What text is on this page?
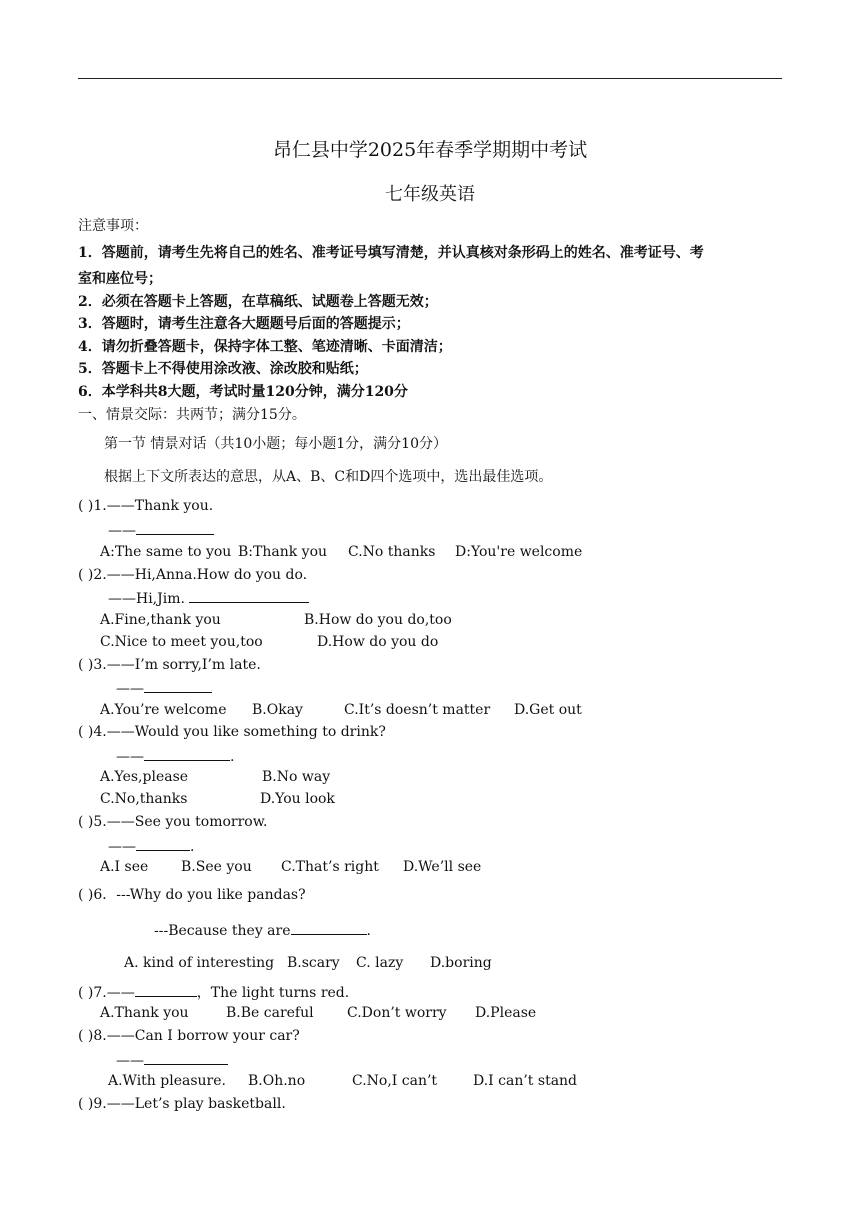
昂仁县中学2025年春季学期期中考试
七年级英语
注意事项：
1．答题前，请考生先将自己的姓名、准考证号填写清楚，并认真核对条形码上的姓名、准考证号、考
室和座位号；
2．必须在答题卡上答题，在草稿纸、试题卷上答题无效；
3．答题时，请考生注意各大题题号后面的答题提示；
4．请勿折叠答题卡，保持字体工整、笔迹清晰、卡面清洁；
5．答题卡上不得使用涂改液、涂改胶和贴纸；
6．本学科共8大题，考试时量120分钟，满分120分
一、情景交际：共两节；满分15分。
第一节 情景对话（共10小题；每小题1分，满分10分）
根据上下文所表达的意思，从A、B、C和D四个选项中，选出最佳选项。
( )1.——Thank you.
——
A:The same to you B:Thank you C.No thanks D:You're welcome
( )2.——Hi,Anna.How do you do.
——Hi,Jim.
A.Fine,thank you	B.How do you do,too
C.Nice to meet you,too	D.How do you do
( )3.——I’m sorry,I’m late.
——
A.You’re welcome B.Okay	C.It’s doesn’t matter D.Get out
( )4.——Would you like something to drink?
——	.
A.Yes,please	B.No way
C.No,thanks	D.You look
( )5.——See you tomorrow.
——	.
A.I see B.See you C.That’s right D.We’ll see
( )6．---Why do you like pandas?
---Because they are	.
A. kind of interesting B.scary C. lazy D.boring
( )7.——	，The light turns red.
A.Thank you	B.Be careful C.Don’t worry D.Please
( )8.——Can I borrow your car?
——
A.With pleasure. B.Oh.no	C.No,I can’t	D.I can’t stand
( )9.——Let’s play basketball.
